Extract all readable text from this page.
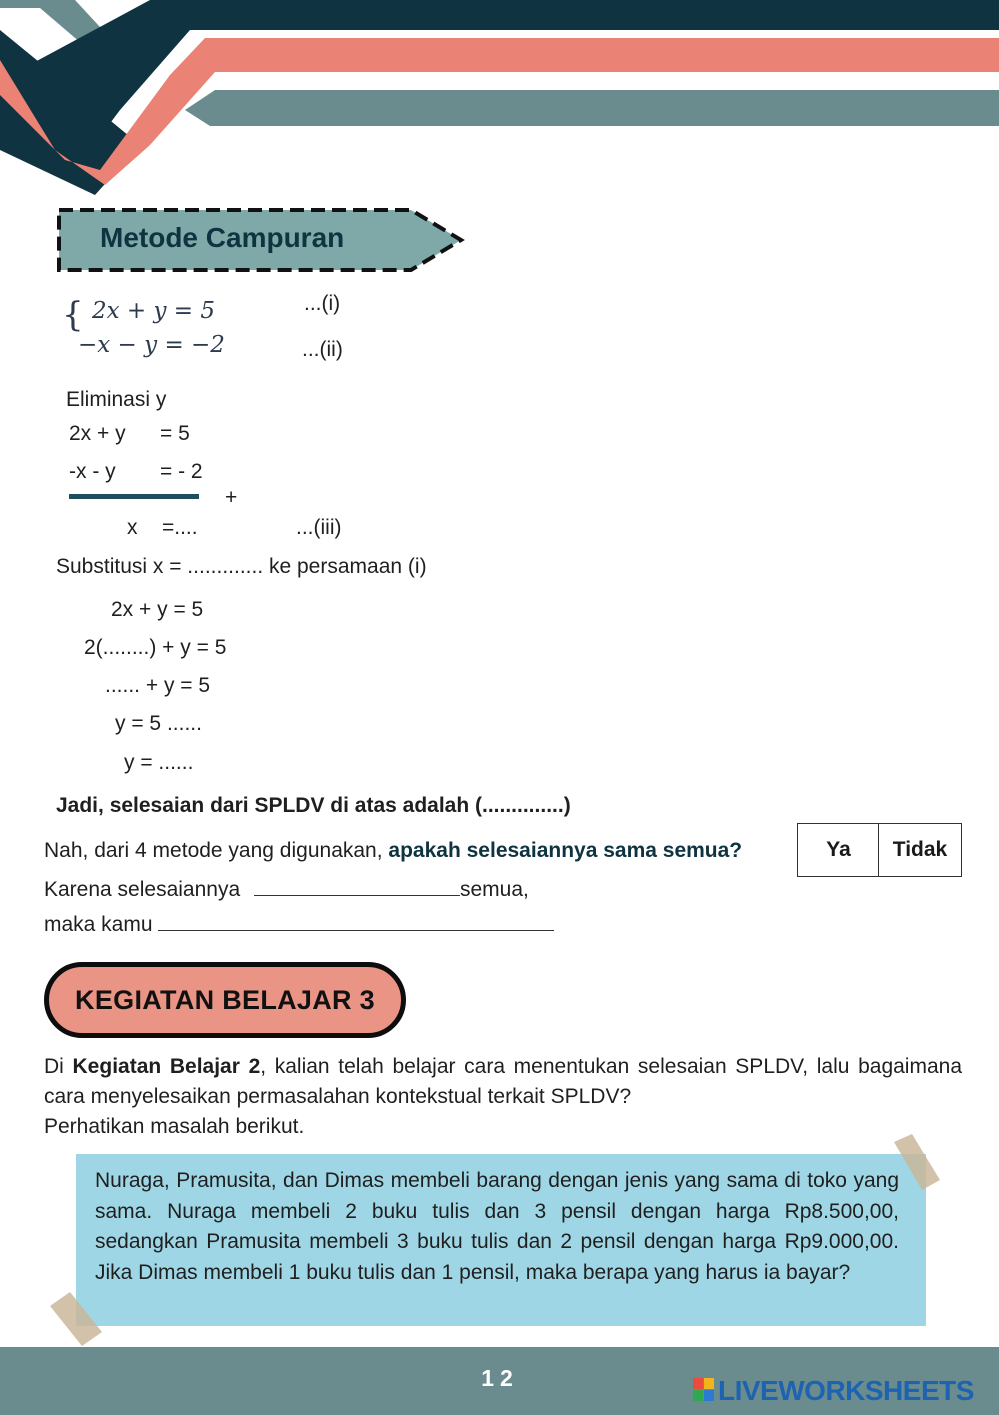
Metode Campuran
{ 2x + y = 5
−x − y = −2
...(i)
...(ii)
Eliminasi y
2x + y = 5
-x - y = - 2
+
x =....	...(iii)
Substitusi x = ............. ke persamaan (i)
2x + y = 5
2(........) + y = 5
...... + y = 5
y = 5 ......
y = ......
Jadi, selesaian dari SPLDV di atas adalah (..............)
Nah, dari 4 metode yang digunakan, apakah selesaiannya sama semua?	Ya	Tidak
Karena selesaiannya	semua,
maka kamu
KEGIATAN BELAJAR 3
Di Kegiatan Belajar 2, kalian telah belajar cara menentukan selesaian SPLDV, lalu bagaimana cara menyelesaikan permasalahan kontekstual terkait SPLDV?
Perhatikan masalah berikut.
Nuraga, Pramusita, dan Dimas membeli barang dengan jenis yang sama di toko yang sama. Nuraga membeli 2 buku tulis dan 3 pensil dengan harga Rp8.500,00, sedangkan Pramusita membeli 3 buku tulis dan 2 pensil dengan harga Rp9.000,00. Jika Dimas membeli 1 buku tulis dan 1 pensil, maka berapa yang harus ia bayar?
12	LIVEWORKSHEETS
